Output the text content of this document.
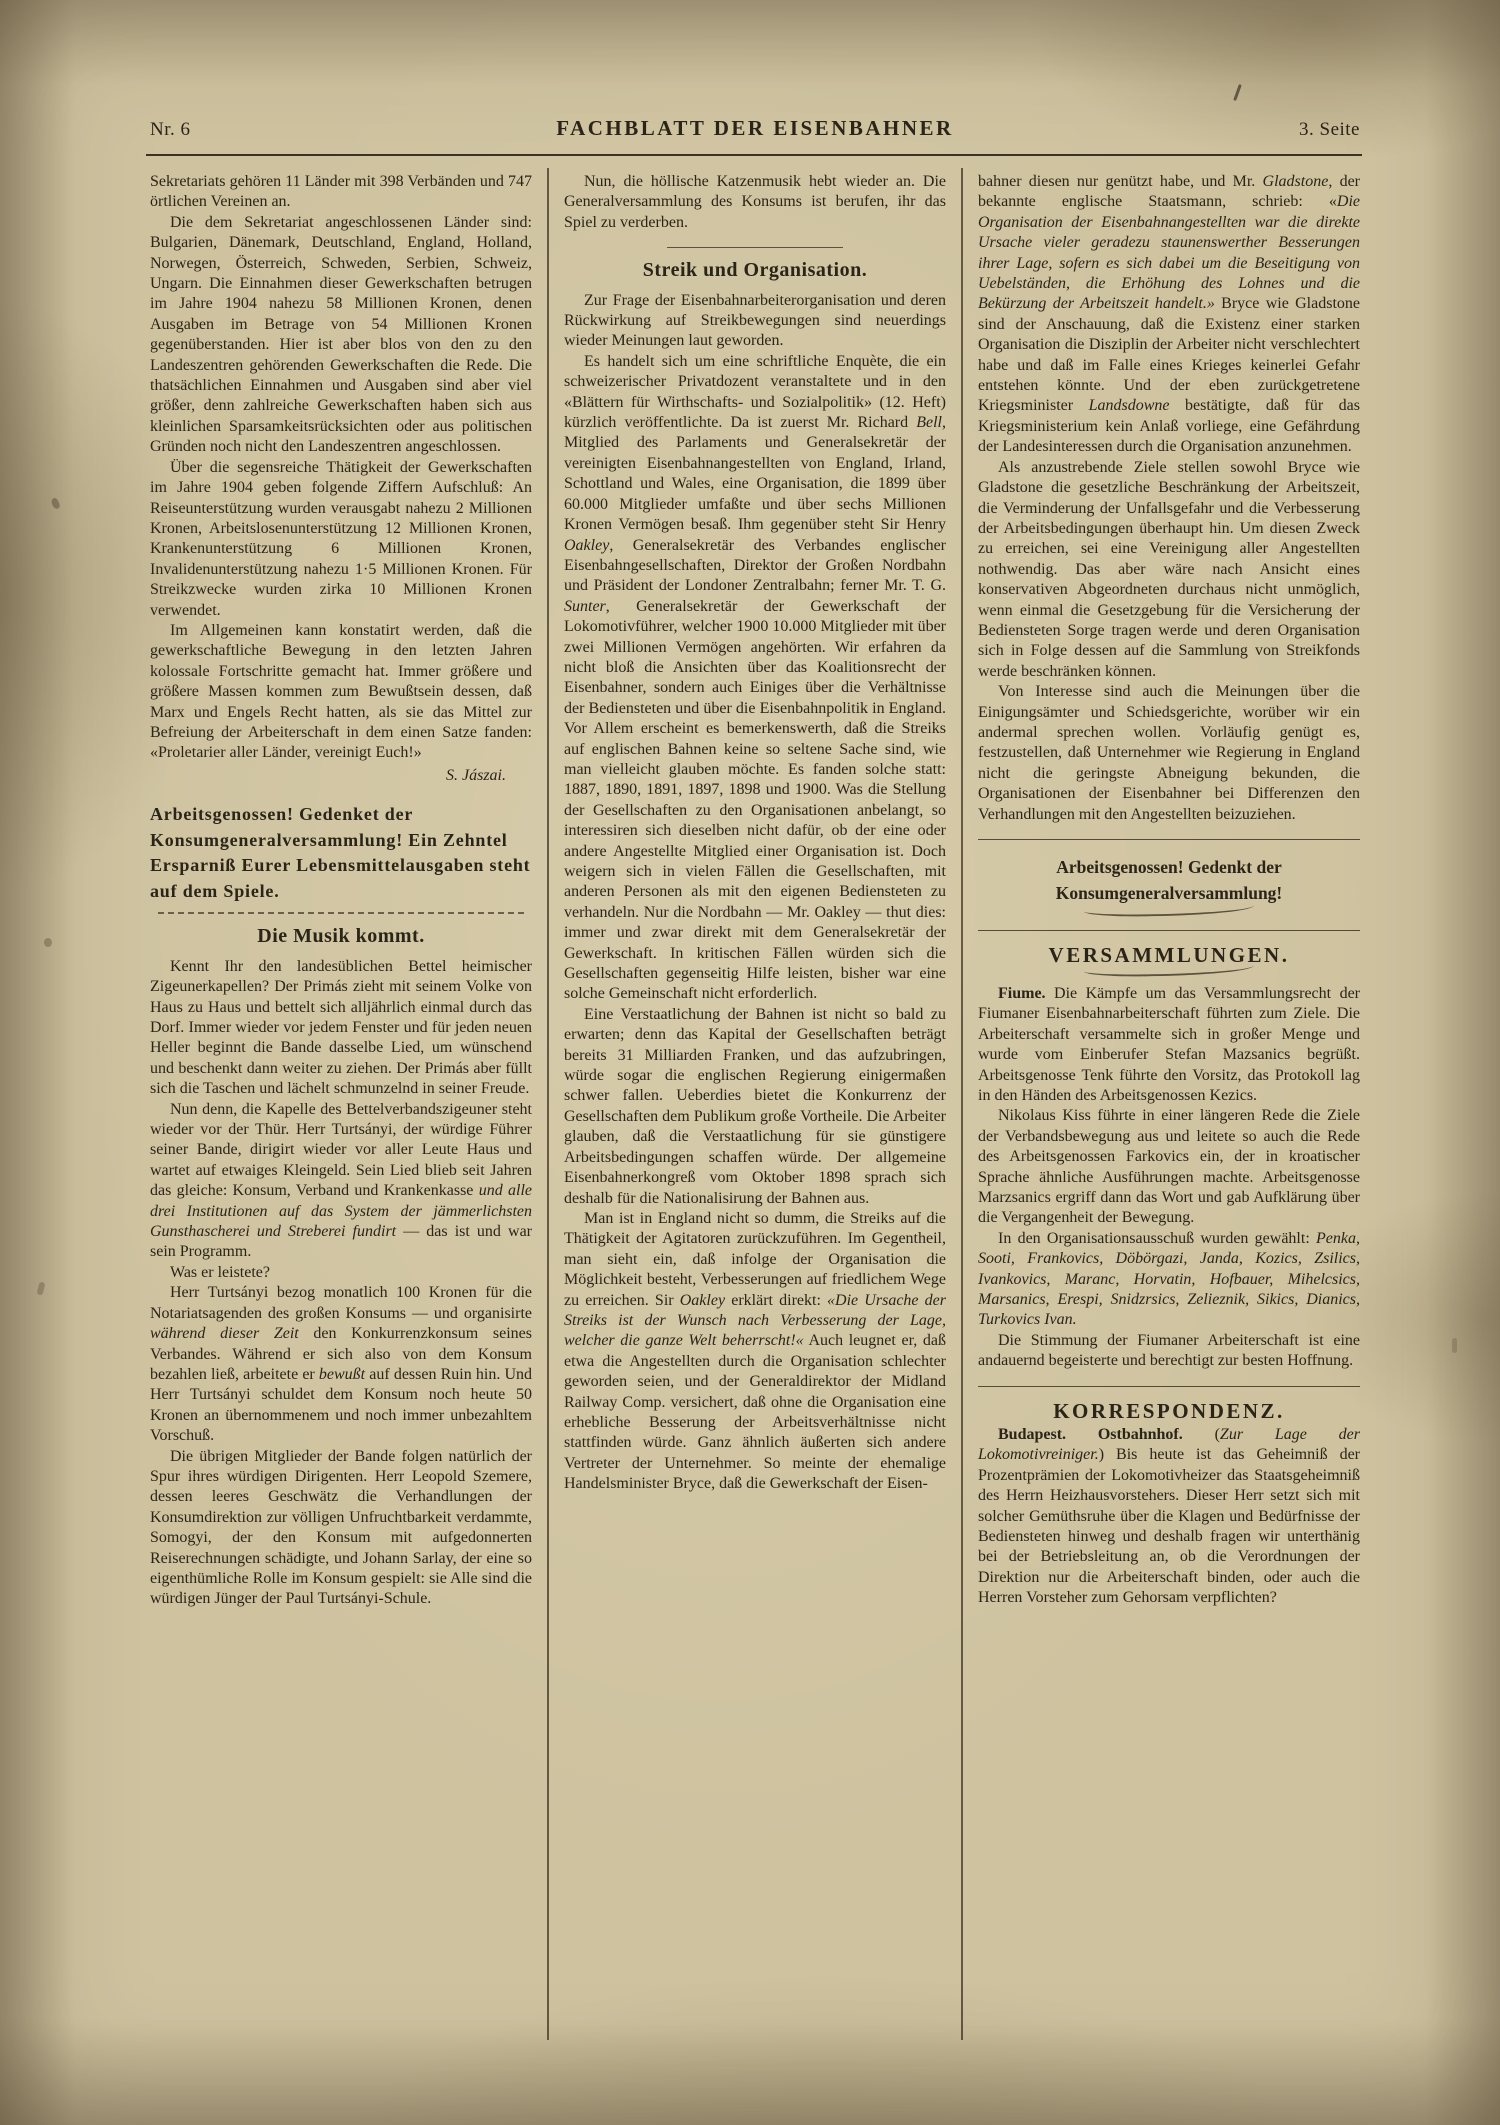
Nr. 6	FACHBLATT DER EISENBAHNER	3. Seite
Sekretariats gehören 11 Länder mit 398 Verbänden und 747 örtlichen Vereinen an.
Die dem Sekretariat angeschlossenen Länder sind: Bulgarien, Dänemark, Deutschland, England, Holland, Norwegen, Österreich, Schweden, Serbien, Schweiz, Ungarn. Die Einnahmen dieser Gewerkschaften betrugen im Jahre 1904 nahezu 58 Millionen Kronen, denen Ausgaben im Betrage von 54 Millionen Kronen gegenüberstanden. Hier ist aber blos von den zu den Landeszentren gehörenden Gewerkschaften die Rede. Die thatsächlichen Einnahmen und Ausgaben sind aber viel größer, denn zahlreiche Gewerkschaften haben sich aus kleinlichen Sparsamkeitsrücksichten oder aus politischen Gründen noch nicht den Landeszentren angeschlossen.
Über die segensreiche Thätigkeit der Gewerkschaften im Jahre 1904 geben folgende Ziffern Aufschluß: An Reiseunterstützung wurden verausgabt nahezu 2 Millionen Kronen, Arbeitslosenunterstützung 12 Millionen Kronen, Krankenunterstützung 6 Millionen Kronen, Invalidenunterstützung nahezu 1·5 Millionen Kronen. Für Streikzwecke wurden zirka 10 Millionen Kronen verwendet.
Im Allgemeinen kann konstatirt werden, daß die gewerkschaftliche Bewegung in den letzten Jahren kolossale Fortschritte gemacht hat. Immer größere und größere Massen kommen zum Bewußtsein dessen, daß Marx und Engels Recht hatten, als sie das Mittel zur Befreiung der Arbeiterschaft in dem einen Satze fanden: «Proletarier aller Länder, vereinigt Euch!»
S. Jászai.
Arbeitsgenossen! Gedenket der Konsumgeneralversammlung! Ein Zehntel Ersparniß Eurer Lebensmittelausgaben steht auf dem Spiele.
Die Musik kommt.
Kennt Ihr den landesüblichen Bettel heimischer Zigeunerkapellen? Der Primás zieht mit seinem Volke von Haus zu Haus und bettelt sich alljährlich einmal durch das Dorf. Immer wieder vor jedem Fenster und für jeden neuen Heller beginnt die Bande dasselbe Lied, um wünschend und beschenkt dann weiter zu ziehen. Der Primás aber füllt sich die Taschen und lächelt schmunzelnd in seiner Freude.
Nun denn, die Kapelle des Bettelverbandszigeuner steht wieder vor der Thür. Herr Turtsányi, der würdige Führer seiner Bande, dirigirt wieder vor aller Leute Haus und wartet auf etwaiges Kleingeld. Sein Lied blieb seit Jahren das gleiche: Konsum, Verband und Krankenkasse und alle drei Institutionen auf das System der jämmerlichsten Gunsthascherei und Streberei fundirt — das ist und war sein Programm.
Was er leistete?
Herr Turtsányi bezog monatlich 100 Kronen für die Notariatsagenden des großen Konsums — und organisirte während dieser Zeit den Konkurrenzkonsum seines Verbandes. Während er sich also von dem Konsum bezahlen ließ, arbeitete er bewußt auf dessen Ruin hin. Und Herr Turtsányi schuldet dem Konsum noch heute 50 Kronen an übernommenem und noch immer unbezahltem Vorschuß.
Die übrigen Mitglieder der Bande folgen natürlich der Spur ihres würdigen Dirigenten. Herr Leopold Szemere, dessen leeres Geschwätz die Verhandlungen der Konsumdirektion zur völligen Unfruchtbarkeit verdammte, Somogyi, der den Konsum mit aufgedonnerten Reiserechnungen schädigte, und Johann Sarlay, der eine so eigenthümliche Rolle im Konsum gespielt: sie Alle sind die würdigen Jünger der Paul Turtsányi-Schule.
Nun, die höllische Katzenmusik hebt wieder an. Die Generalversammlung des Konsums ist berufen, ihr das Spiel zu verderben.
Streik und Organisation.
Zur Frage der Eisenbahnarbeiterorganisation und deren Rückwirkung auf Streikbewegungen sind neuerdings wieder Meinungen laut geworden.
Es handelt sich um eine schriftliche Enquète, die ein schweizerischer Privatdozent veranstaltete und in den «Blättern für Wirthschafts- und Sozialpolitik» (12. Heft) kürzlich veröffentlichte. Da ist zuerst Mr. Richard Bell, Mitglied des Parlaments und Generalsekretär der vereinigten Eisenbahnangestellten von England, Irland, Schottland und Wales, eine Organisation, die 1899 über 60.000 Mitglieder umfaßte und über sechs Millionen Kronen Vermögen besaß. Ihm gegenüber steht Sir Henry Oakley, Generalsekretär des Verbandes englischer Eisenbahngesellschaften, Direktor der Großen Nordbahn und Präsident der Londoner Zentralbahn; ferner Mr. T. G. Sunter, Generalsekretär der Gewerkschaft der Lokomotivführer, welcher 1900 10.000 Mitglieder mit über zwei Millionen Vermögen angehörten. Wir erfahren da nicht bloß die Ansichten über das Koalitionsrecht der Eisenbahner, sondern auch Einiges über die Verhältnisse der Bediensteten und über die Eisenbahnpolitik in England. Vor Allem erscheint es bemerkenswerth, daß die Streiks auf englischen Bahnen keine so seltene Sache sind, wie man vielleicht glauben möchte. Es fanden solche statt: 1887, 1890, 1891, 1897, 1898 und 1900. Was die Stellung der Gesellschaften zu den Organisationen anbelangt, so interessiren sich dieselben nicht dafür, ob der eine oder andere Angestellte Mitglied einer Organisation ist. Doch weigern sich in vielen Fällen die Gesellschaften, mit anderen Personen als mit den eigenen Bediensteten zu verhandeln. Nur die Nordbahn — Mr. Oakley — thut dies: immer und zwar direkt mit dem Generalsekretär der Gewerkschaft. In kritischen Fällen würden sich die Gesellschaften gegenseitig Hilfe leisten, bisher war eine solche Gemeinschaft nicht erforderlich.
Eine Verstaatlichung der Bahnen ist nicht so bald zu erwarten; denn das Kapital der Gesellschaften beträgt bereits 31 Milliarden Franken, und das aufzubringen, würde sogar die englischen Regierung einigermaßen schwer fallen. Ueberdies bietet die Konkurrenz der Gesellschaften dem Publikum große Vortheile. Die Arbeiter glauben, daß die Verstaatlichung für sie günstigere Arbeitsbedingungen schaffen würde. Der allgemeine Eisenbahnerkongreß vom Oktober 1898 sprach sich deshalb für die Nationalisirung der Bahnen aus.
Man ist in England nicht so dumm, die Streiks auf die Thätigkeit der Agitatoren zurückzuführen. Im Gegentheil, man sieht ein, daß infolge der Organisation die Möglichkeit besteht, Verbesserungen auf friedlichem Wege zu erreichen. Sir Oakley erklärt direkt: «Die Ursache der Streiks ist der Wunsch nach Verbesserung der Lage, welcher die ganze Welt beherrscht!« Auch leugnet er, daß etwa die Angestellten durch die Organisation schlechter geworden seien, und der Generaldirektor der Midland Railway Comp. versichert, daß ohne die Organisation eine erhebliche Besserung der Arbeitsverhältnisse nicht stattfinden würde. Ganz ähnlich äußerten sich andere Vertreter der Unternehmer. So meinte der ehemalige Handelsminister Bryce, daß die Gewerkschaft der Eisen-
bahner diesen nur genützt habe, und Mr. Gladstone, der bekannte englische Staatsmann, schrieb: «Die Organisation der Eisenbahnangestellten war die direkte Ursache vieler geradezu staunenswerther Besserungen ihrer Lage, sofern es sich dabei um die Beseitigung von Uebelständen, die Erhöhung des Lohnes und die Bekürzung der Arbeitszeit handelt.» Bryce wie Gladstone sind der Anschauung, daß die Existenz einer starken Organisation die Disziplin der Arbeiter nicht verschlechtert habe und daß im Falle eines Krieges keinerlei Gefahr entstehen könnte. Und der eben zurückgetretene Kriegsminister Landsdowne bestätigte, daß für das Kriegsministerium kein Anlaß vorliege, eine Gefährdung der Landesinteressen durch die Organisation anzunehmen.
Als anzustrebende Ziele stellen sowohl Bryce wie Gladstone die gesetzliche Beschränkung der Arbeitszeit, die Verminderung der Unfallsgefahr und die Verbesserung der Arbeitsbedingungen überhaupt hin. Um diesen Zweck zu erreichen, sei eine Vereinigung aller Angestellten nothwendig. Das aber wäre nach Ansicht eines konservativen Abgeordneten durchaus nicht unmöglich, wenn einmal die Gesetzgebung für die Versicherung der Bediensteten Sorge tragen werde und deren Organisation sich in Folge dessen auf die Sammlung von Streikfonds werde beschränken können.
Von Interesse sind auch die Meinungen über die Einigungsämter und Schiedsgerichte, worüber wir ein andermal sprechen wollen. Vorläufig genügt es, festzustellen, daß Unternehmer wie Regierung in England nicht die geringste Abneigung bekunden, die Organisationen der Eisenbahner bei Differenzen den Verhandlungen mit den Angestellten beizuziehen.
Arbeitsgenossen! Gedenkt der Konsumgeneralversammlung!
VERSAMMLUNGEN.
Fiume. Die Kämpfe um das Versammlungsrecht der Fiumaner Eisenbahnarbeiterschaft führten zum Ziele. Die Arbeiterschaft versammelte sich in großer Menge und wurde vom Einberufer Stefan Mazsanics begrüßt. Arbeitsgenosse Tenk führte den Vorsitz, das Protokoll lag in den Händen des Arbeitsgenossen Kezics.
Nikolaus Kiss führte in einer längeren Rede die Ziele der Verbandsbewegung aus und leitete so auch die Rede des Arbeitsgenossen Farkovics ein, der in kroatischer Sprache ähnliche Ausführungen machte. Arbeitsgenosse Marzsanics ergriff dann das Wort und gab Aufklärung über die Vergangenheit der Bewegung.
In den Organisationsausschuß wurden gewählt: Penka, Sooti, Frankovics, Döbörgazi, Janda, Kozics, Zsilics, Ivankovics, Maranc, Horvatin, Hofbauer, Mihelcsics, Marsanics, Erespi, Snidzrsics, Zelieznik, Sikics, Dianics, Turkovics Ivan.
Die Stimmung der Fiumaner Arbeiterschaft ist eine andauernd begeisterte und berechtigt zur besten Hoffnung.
KORRESPONDENZ.
Budapest. Ostbahnhof. (Zur Lage der Lokomotivreiniger.) Bis heute ist das Geheimniß der Prozentprämien der Lokomotivheizer das Staatsgeheimniß des Herrn Heizhausvorstehers. Dieser Herr setzt sich mit solcher Gemüthsruhe über die Klagen und Bedürfnisse der Bediensteten hinweg und deshalb fragen wir unterthänig bei der Betriebsleitung an, ob die Verordnungen der Direktion nur die Arbeiterschaft binden, oder auch die Herren Vorsteher zum Gehorsam verpflichten?
